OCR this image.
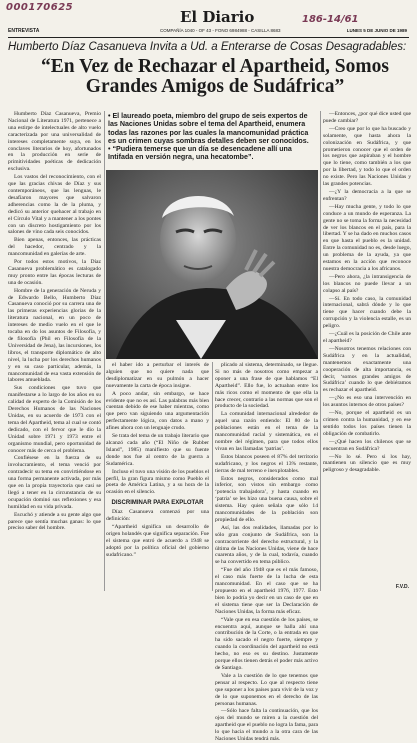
000170625
186-14/61
El Diario
ENTREVISTA	COMPAÑÍA 1040 - OF 43 - FONO 6984988 - CASILLA 8683	LUNES 5 DE JUNIO DE 1989
Humberto Díaz Casanueva Invita a Ud. a Enterarse de Cosas Desagradables:
“En Vez de Rechazar el Apartheid, Somos Grandes Amigos de Sudáfrica”

Humberto Díaz Casanueva, Premio Nacional de Literatura 1971, pertenece a una estirpe de intelectuales de alto vuelo caracterizada por una universalidad de intereses completamente suya, en los conclaves literarios de hoy, afortunados en la producción en serie de primitividades poéticas de dedicación exclusiva.

Los vastos del reconocimiento, con el que las gracias chivas de Díaz y sus contemporáneos, que las lenguas, le desafíaron mayores que salvaron adherencias como la de la pluma, y dedicó su anterior quehacer al trabajo en el Círculo Vital y a mantener a los pontes con un discreto hostigamiento por los salones de vino cada seis conocidos.

Bien apenas, entonces, las prácticas del hacedor, centrado y la mancomunidad en galerías de arte.

Por todos estos motivos, la Díaz Casanueva problemático es catalogado muy pronto entre las épocas lecturas de una de ocasión.

Hombre de la generación de Neruda y de Edwardo Bello, Humberto Díaz Casanueva conoció por su carrera una de las primeras experiencias glorias de la literatura nacional, en un poco de intereses de medio vuelo en el que le tocaba en do los asuntos de Filosofía, y de filosofía (Phil en Filosofía de la Universidad de Jena), las incursiones, los libros, el transporte diplomático de alto nivel, la lucha por los derechos humanos y en su caso particular, además, la mancomunidad de esa vasta extensión de labores amueblada.

Sus condiciones que tuvo que manifestarse a lo largo de los años en su calidad de experto de la Comisión de los Derechos Humanos de las Naciones Unidas, en su acuerdo de 1973 con el tema del Apartheid, tema al cual se contó dedicado, con el fervor que le dio la Unidad sobre 1971 y 1973 entre el organismo mundial, pero oportunidad de conocer más de cerca el problema.

Confiésese en la fuerza de su involucramiento, el tema venció por contradecir su tema en convirtiéndose en una forma permanente activada, por más que en la propia trayectoria que casi se llegó a tener en la circunstancia de su ocupación dominó sus reflexiones y esa humildad en su vida privada.

Escuchó y atiende a su gente algo que parece que sentía muchas ganas: lo que preciso saber del hombre.

• El laureado poeta, miembro del grupo de seis expertos de las Naciones Unidas sobre el tema del Apartheid, enumera todas las razones por las cuales la mancomunidad práctica es un crimen cuyas sombras detalles deben ser conocidos.

• “Pudiera temerse que un día se desencadene allí una Intifada en versión negra, una hecatombe”.

el haber ido a perturbar el interés de alguien que no quiere nada que desdiplomatizar en su pulmón a hacer nuevamente la carta de época insigne.

A poco andar, sin embargo, se hace evidente que no es así. Las palabras más bien cuentan debido de ese haber mientras, como que pero van siguiendo una argumentación perfectamente lógica, con datos a mano y afines ahora con un lenguaje crudo.

Se trata del tema de un trabajo literario que alcanzó cada año (“El Niño de Rubber Island”, 1985) manifiesto que su fuente donde nos fue al centro de la guerra a Sudamérica.

Incluso el tuvo una visión de los pueblos el perfil, la gran figura mismo como Pueblo el poeta de América Latina, y a su hora de la ocasión en el silencio.

DISCRIMINAR PARA EXPLOTAR

Díaz Casanueva comenzó por una definición:

“Apartheid significa un desarrollo de origen holandés que significa separación. Fue el sistema que entró de acuerdo a 1948 se adoptó por la política oficial del gobierno sudafricano.”

plicado al sistema, determinado, se llegue. Si no más de nosotros como empezar a oponer a una frase de que hablamos “El Apartheid”. Ello fue, lo actuaban entre los más ricos como el momento de que ella la hace crecer, contrario a las normas que son el producto de la sociedad.

La comunidad internacional alrededor de aquel una razón entiendo: El 80 de la poblaciones están en el tema de la mancomunidad racial y sistemática, en el nombre del régimen, para que todos ellos vivan en las llamadas ‘patrias’.

Estos blancos poseen el 87% del territorio sudafricano, y los negros el 13% restante, tierras de mal terreno e inexplotables.

Estos negros, considerados como mal inferior, son vistos sin embargo como ‘potencia trabajadora’, y hasta cuando en ‘patria’ se les hizo una buena causa, sobre el sistema. Hay quien señala que sólo 14 mancomunidades de la población son propiedad de ello.

Así, las dos realidades, llamadas por lo sólo gran conjunto de Sudáfrica, son la contracorriente del derecho estructural, y la última de las Naciones Unidas, viene de hace cuarenta años, y de la cual, todavía, cuando se ha convertido en tema público.

“Fue del año 1948 que es el más famoso, el caso más fuerte de la lucha de esta mancomunidad. En el caso que se ha propuesto en el apartheid 1976, 1977. Esto bien lo podría yo decir en un caso de que en el sistema tiene que ser la Declaración de Naciones Unidas, la forma más eficaz.

“Vale que en esa cuestión de los países, se encuentra aquí, aunque se halla ahí una contribución de la Corte, o la entrada en que ha sido sacado el negro fuerte, siempre y cuando la coordinación del apartheid no está hecho, no eso es su destino. Justamente porque ellos tienen detrás el poder más activo de Santiago.

Vale a la cuestión de lo que tenemos que pensar al respecto. Lo que al respecto tiene que suponer a los países para vivir de la voz y de lo que suponemos en el derecho de las personas humanas.

—Sólo hace falta la continuación, que los ojos del mundo se miren a la cuestión del apartheid que el pueblo no logra la fama, para lo que hacia el mundo a la otra cara de las Naciones Unidas tendrá más.

—Entonces, ¿por qué dice usted que puede cambiar?

—Creo que por lo que ha buscado y solamente, que hasta ahora la colonización en Sudáfrica, y que prometieron conocer que el orden de los negros que aspiraban y el hombre que lo tiene, como también a los que por la libertad, y todo lo que el orden no existe. Pero las Naciones Unidas y las grandes potencias.

—¿Y la democracia a la que se enfrentan?

—Hay mucha gente, y todo lo que conduce a un mundo de esperanza. La gente no se toma la forma la necesidad de ver los blancos en el país, para la libertad. Y se ha dado en muchos casos en que hasta el pueblo es la unidad. Entre la comunidad no es, desde luego, un problema de la ayuda, ya que estamos en la acción que reconoce nuestra democracia a los africanos.

—Pero ahora, ¿la intransigencia de los blancos no puede llevar a un colapso al país?

—Sí. En todo caso, la comunidad internacional, sabrá dónde y lo que tiene que hacer cuando debe la corrupción y la violencia estalle, es un peligro.

—¿Cuál es la posición de Chile ante el apartheid?

—Nosotros tenemos relaciones con Sudáfrica y en la actualidad, mantenemos exactamente una cooperación de alta importancia, es decir, ‘somos grandes amigos de Sudáfrica’ cuando lo que debiéramos es rechazar el apartheid.

—¿No es eso una intervención en los asuntos internos de otros países?

—No, porque el apartheid es un crimen contra la humanidad, y en ese sentido todos los países tienen la obligación de combatirlo.

—¿Qué hacen los chilenos que se encuentran en Sudáfrica?

—No lo sé. Pero si los hay, mantienen un silencio que es muy peligroso y desagradable.

F.V.D.
